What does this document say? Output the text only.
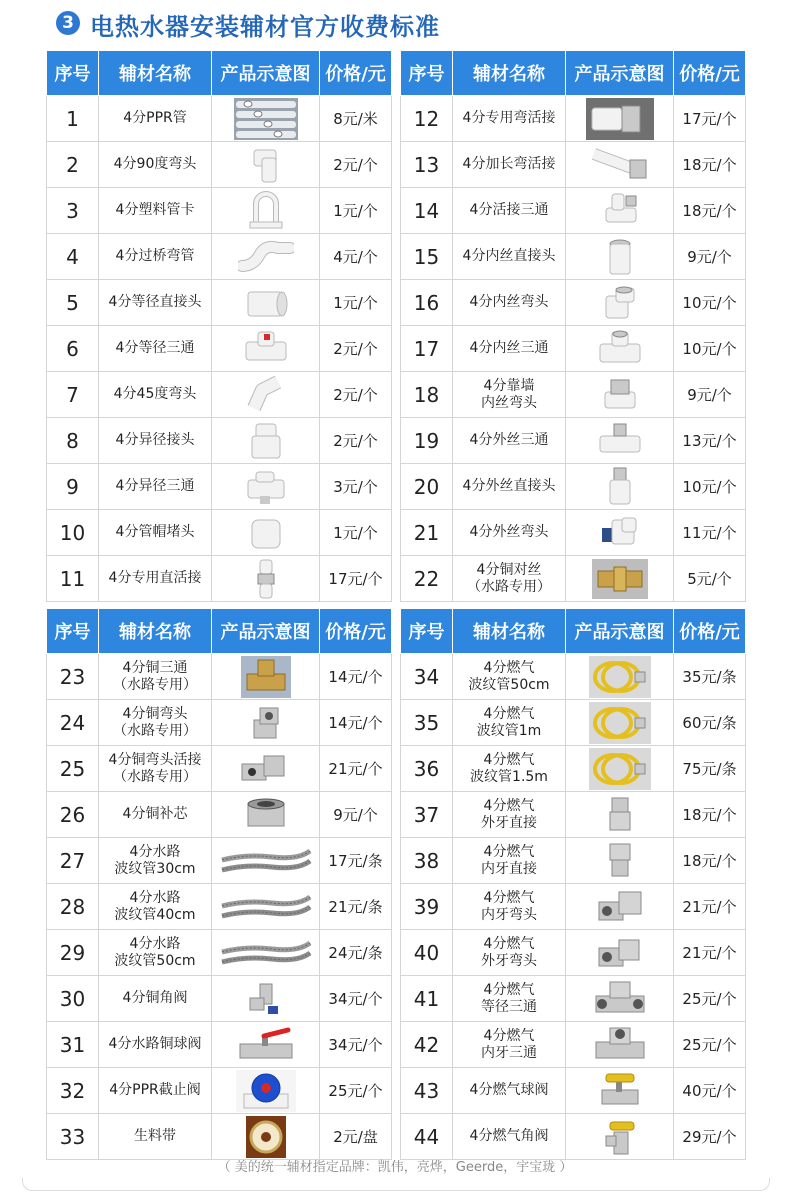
3 电热水器安装辅材官方收费标准
序号	辅材名称	产品示意图	价格/元
1	4分PPR管		8元/米
2	4分90度弯头		2元/个
3	4分塑料管卡		1元/个
4	4分过桥弯管		4元/个
5	4分等径直接头		1元/个
6	4分等径三通		2元/个
7	4分45度弯头		2元/个
8	4分异径接头		2元/个
9	4分异径三通		3元/个
10	4分管帽堵头		1元/个
11	4分专用直活接		17元/个
序号	辅材名称	产品示意图	价格/元
12	4分专用弯活接		17元/个
13	4分加长弯活接		18元/个
14	4分活接三通		18元/个
15	4分内丝直接头		9元/个
16	4分内丝弯头		10元/个
17	4分内丝三通		10元/个
18	4分靠墙
内丝弯头		9元/个
19	4分外丝三通		13元/个
20	4分外丝直接头		10元/个
21	4分外丝弯头		11元/个
22	4分铜对丝
（水路专用）		5元/个
序号	辅材名称	产品示意图	价格/元
23	4分铜三通
（水路专用）		14元/个
24	4分铜弯头
（水路专用）		14元/个
25	4分铜弯头活接
（水路专用）		21元/个
26	4分铜补芯		9元/个
27	4分水路
波纹管30cm		17元/条
28	4分水路
波纹管40cm		21元/条
29	4分水路
波纹管50cm		24元/条
30	4分铜角阀		34元/个
31	4分水路铜球阀		34元/个
32	4分PPR截止阀		25元/个
33	生料带		2元/盘
序号	辅材名称	产品示意图	价格/元
34	4分燃气
波纹管50cm		35元/条
35	4分燃气
波纹管1m		60元/条
36	4分燃气
波纹管1.5m		75元/条
37	4分燃气
外牙直接		18元/个
38	4分燃气
内牙直接		18元/个
39	4分燃气
内牙弯头		21元/个
40	4分燃气
外牙弯头		21元/个
41	4分燃气
等径三通		25元/个
42	4分燃气
内牙三通		25元/个
43	4分燃气球阀		40元/个
44	4分燃气角阀		29元/个
（ 美的统一辅材指定品牌：凯伟，亮烨，Geerde，宇宝珑 ）
